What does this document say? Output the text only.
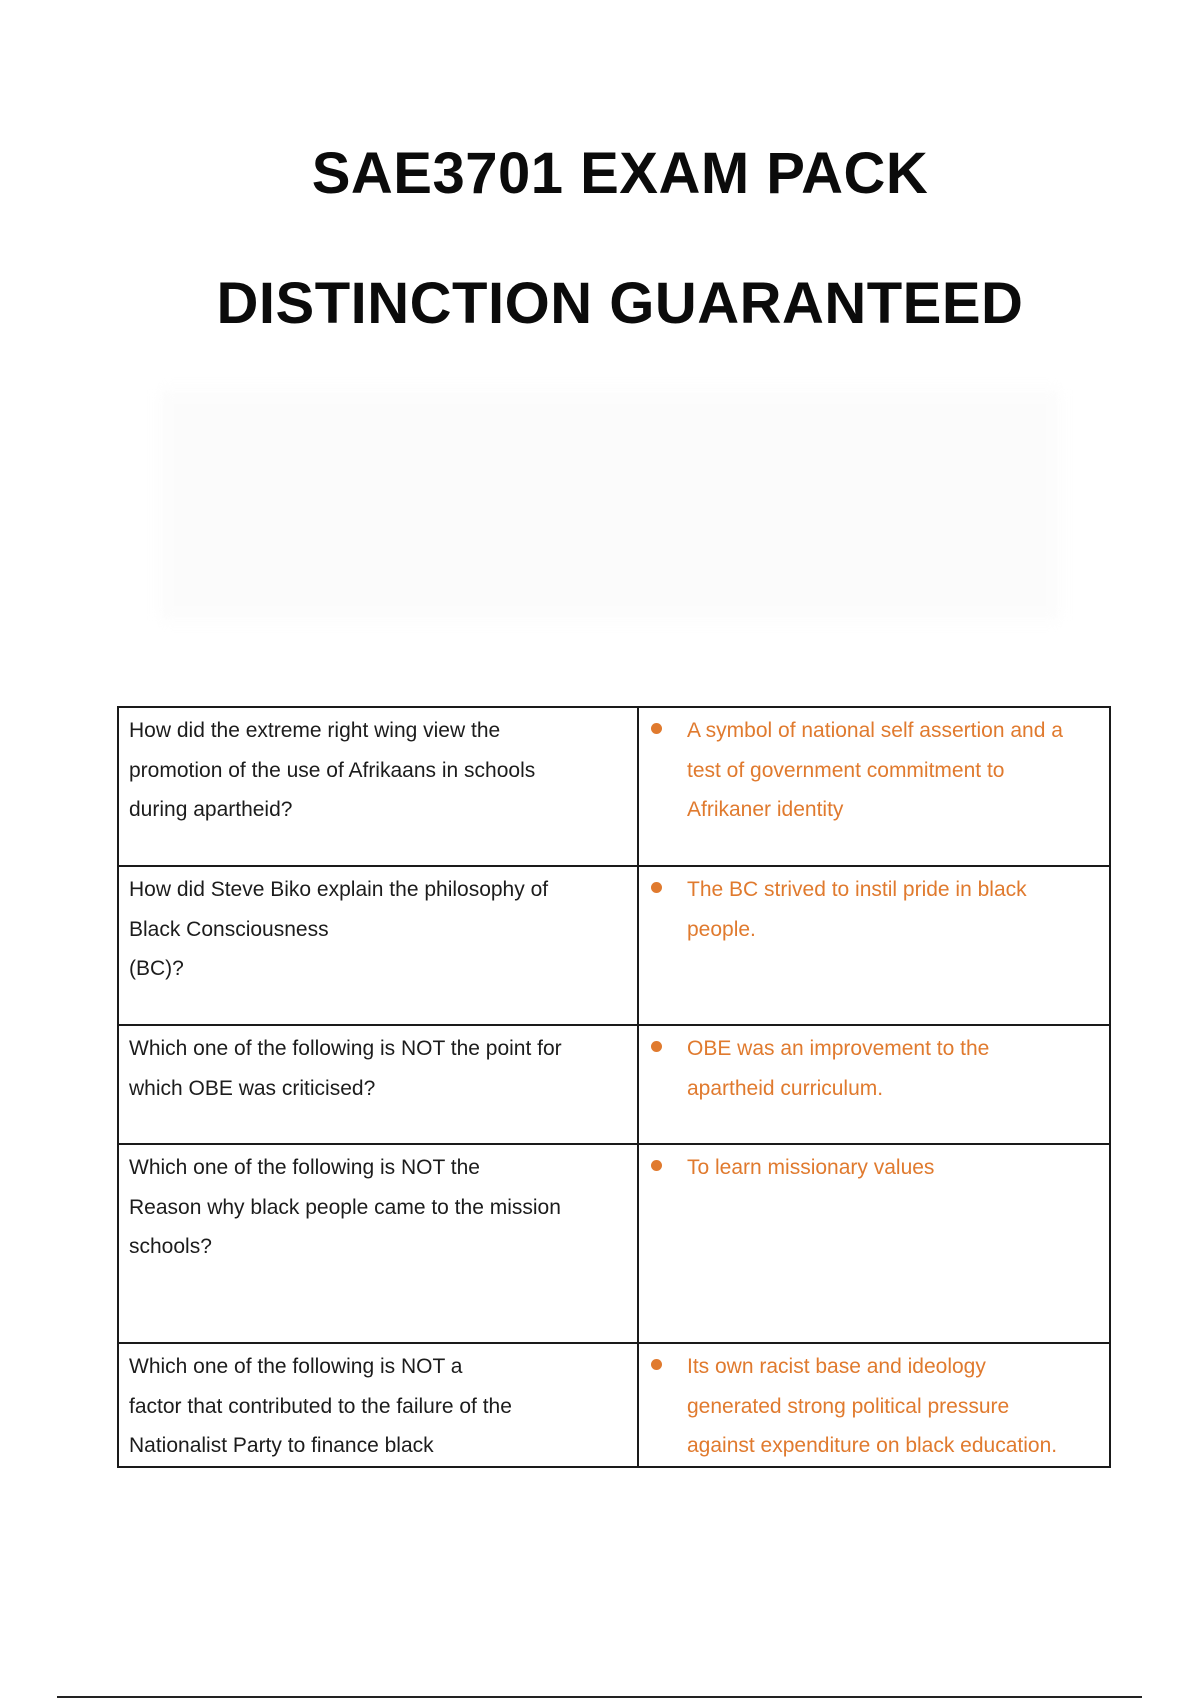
SAE3701 EXAM PACK
DISTINCTION GUARANTEED
How did the extreme right wing view the
promotion of the use of Afrikaans in schools
during apartheid?	A symbol of national self assertion and a
test of government commitment to
Afrikaner identity

How did Steve Biko explain the philosophy of
Black Consciousness
(BC)?	The BC strived to instil pride in black
people.

Which one of the following is NOT the point for
which OBE was criticised?	OBE was an improvement to the
apartheid curriculum.

Which one of the following is NOT the
Reason why black people came to the mission
schools?	To learn missionary values

Which one of the following is NOT a
factor that contributed to the failure of the
Nationalist Party to finance black	Its own racist base and ideology
generated strong political pressure
against expenditure on black education.
